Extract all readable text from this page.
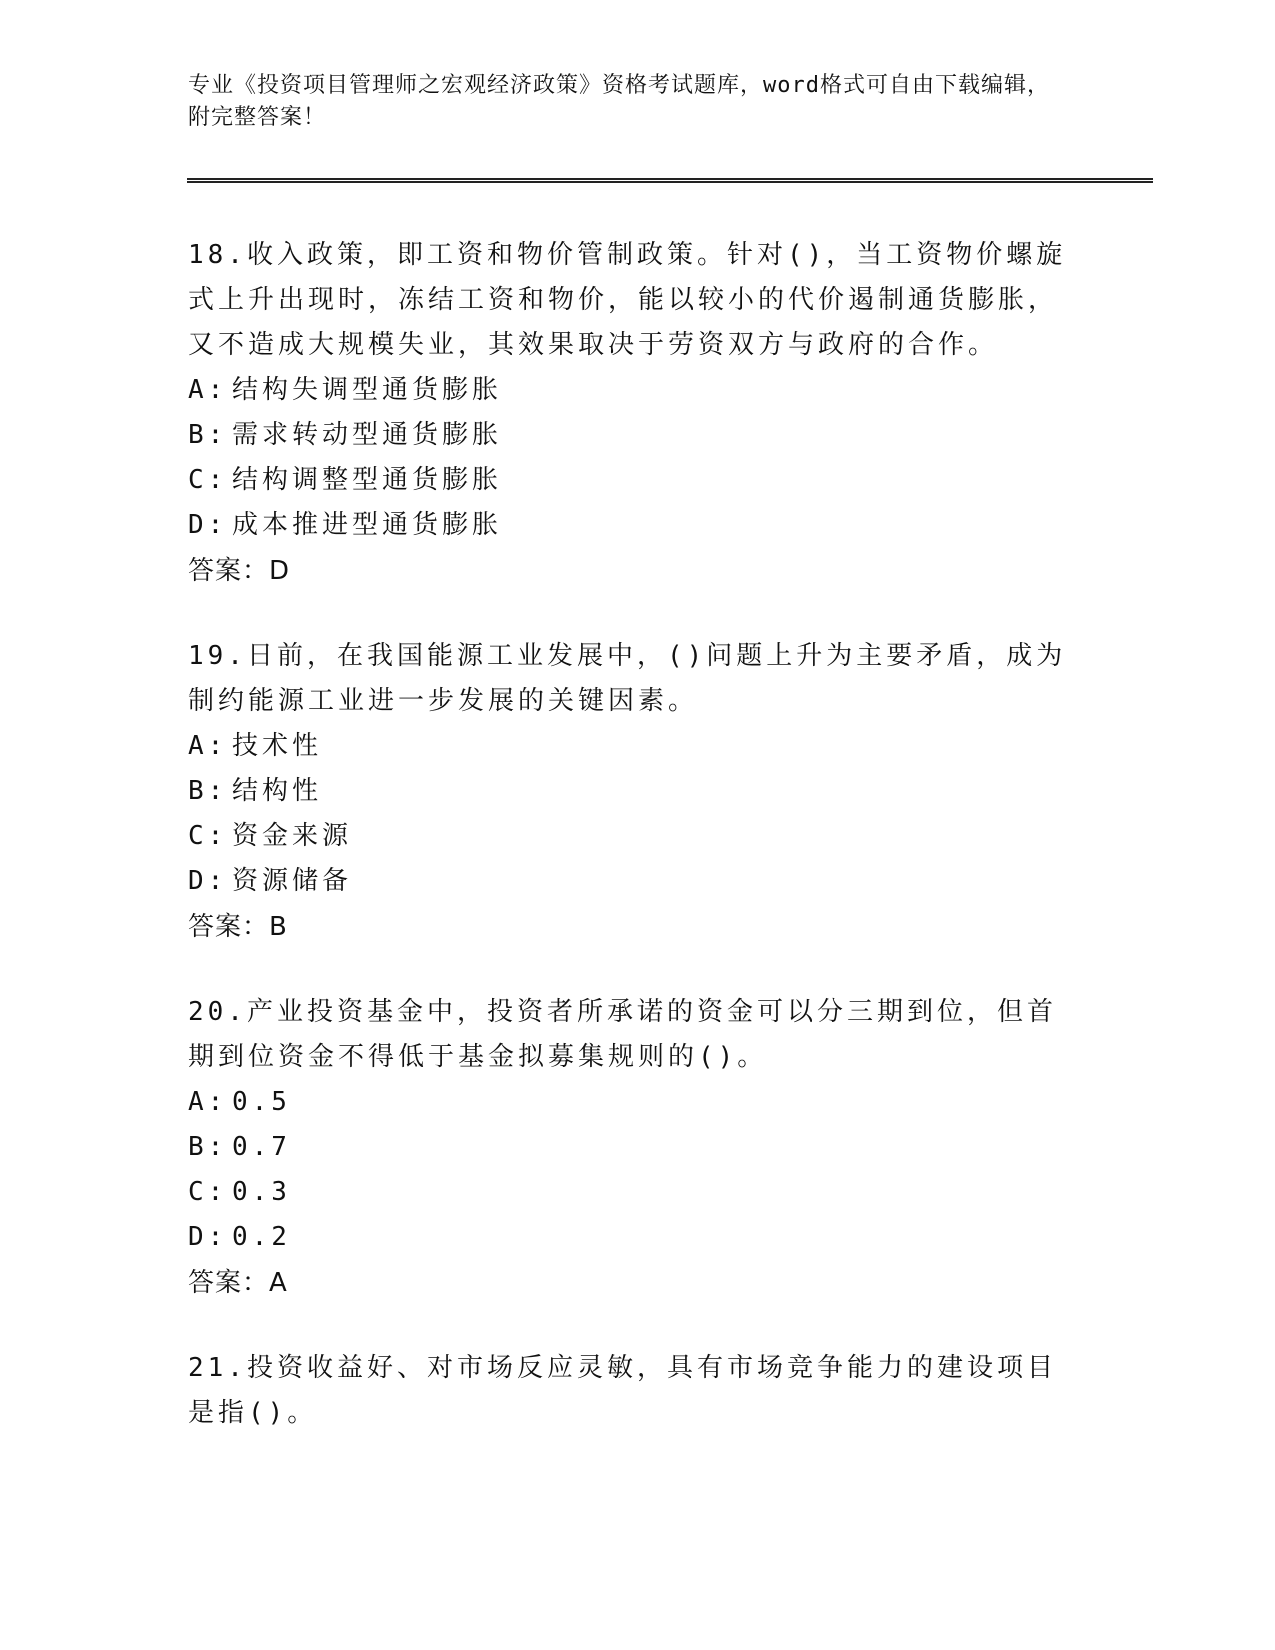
专业《投资项目管理师之宏观经济政策》资格考试题库，word格式可自由下载编辑，附完整答案！

18.收入政策，即工资和物价管制政策。针对()，当工资物价螺旋式上升出现时，冻结工资和物价，能以较小的代价遏制通货膨胀，又不造成大规模失业，其效果取决于劳资双方与政府的合作。

A: 结构失调型通货膨胀

B: 需求转动型通货膨胀

C: 结构调整型通货膨胀

D: 成本推进型通货膨胀

答案：D

19.日前，在我国能源工业发展中，()问题上升为主要矛盾，成为制约能源工业进一步发展的关键因素。

A: 技术性

B: 结构性

C: 资金来源

D: 资源储备

答案：B

20.产业投资基金中，投资者所承诺的资金可以分三期到位，但首期到位资金不得低于基金拟募集规则的()。

A: 0.5

B: 0.7

C: 0.3

D: 0.2

答案：A

21.投资收益好、对市场反应灵敏，具有市场竞争能力的建设项目是指()。
